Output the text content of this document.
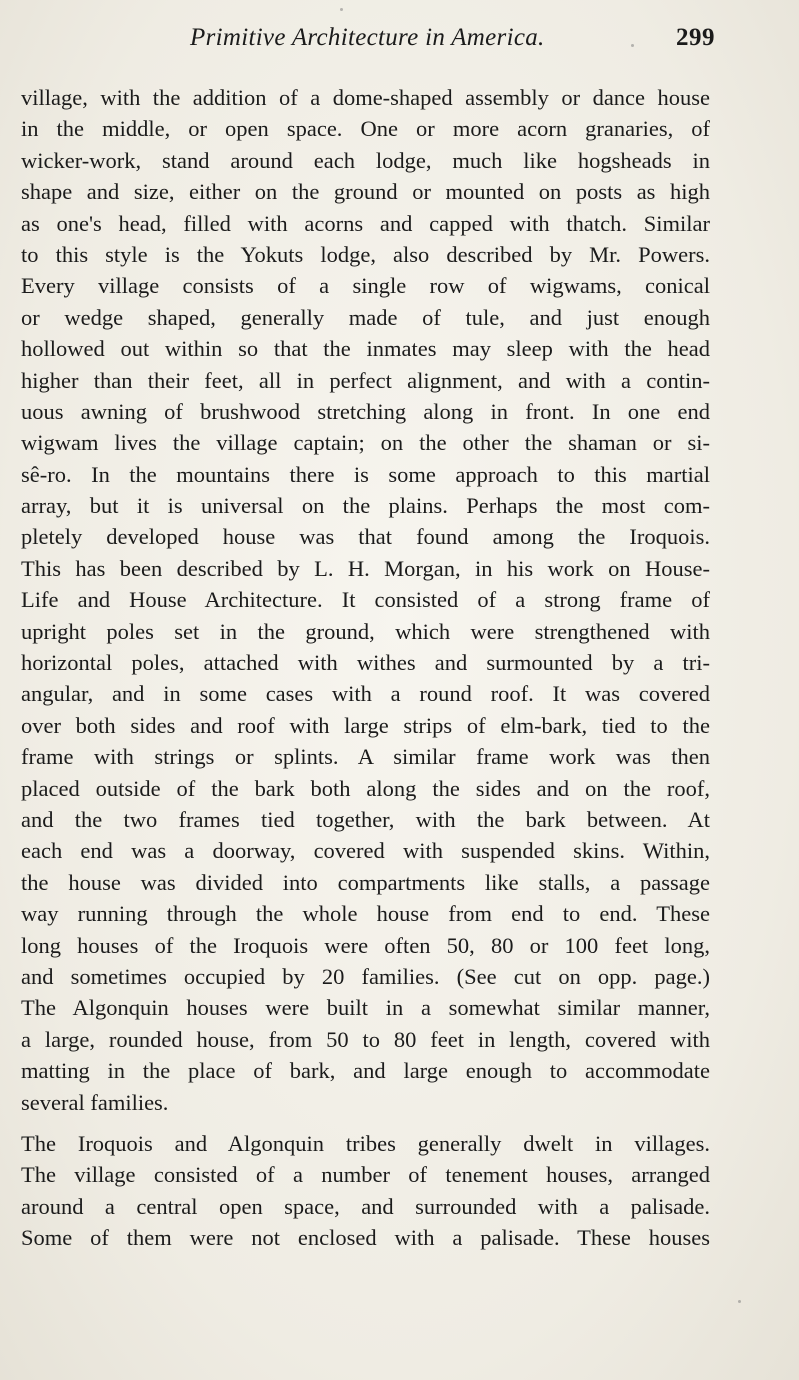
Primitive Architecture in America.	299
village, with the addition of a dome-shaped assembly or dance house
in the middle, or open space. One or more acorn granaries, of
wicker-work, stand around each lodge, much like hogsheads in
shape and size, either on the ground or mounted on posts as high
as one's head, filled with acorns and capped with thatch. Similar
to this style is the Yokuts lodge, also described by Mr. Powers.
Every village consists of a single row of wigwams, conical
or wedge shaped, generally made of tule, and just enough
hollowed out within so that the inmates may sleep with the head
higher than their feet, all in perfect alignment, and with a contin-
uous awning of brushwood stretching along in front. In one end
wigwam lives the village captain; on the other the shaman or si-
sê-ro. In the mountains there is some approach to this martial
array, but it is universal on the plains. Perhaps the most com-
pletely developed house was that found among the Iroquois.
This has been described by L. H. Morgan, in his work on House-
Life and House Architecture. It consisted of a strong frame of
upright poles set in the ground, which were strengthened with
horizontal poles, attached with withes and surmounted by a tri-
angular, and in some cases with a round roof. It was covered
over both sides and roof with large strips of elm-bark, tied to the
frame with strings or splints. A similar frame work was then
placed outside of the bark both along the sides and on the roof,
and the two frames tied together, with the bark between. At
each end was a doorway, covered with suspended skins. Within,
the house was divided into compartments like stalls, a passage
way running through the whole house from end to end. These
long houses of the Iroquois were often 50, 80 or 100 feet long,
and sometimes occupied by 20 families. (See cut on opp. page.)
The Algonquin houses were built in a somewhat similar manner,
a large, rounded house, from 50 to 80 feet in length, covered with
matting in the place of bark, and large enough to accommodate
several families.
The Iroquois and Algonquin tribes generally dwelt in villages.
The village consisted of a number of tenement houses, arranged
around a central open space, and surrounded with a palisade.
Some of them were not enclosed with a palisade. These houses
